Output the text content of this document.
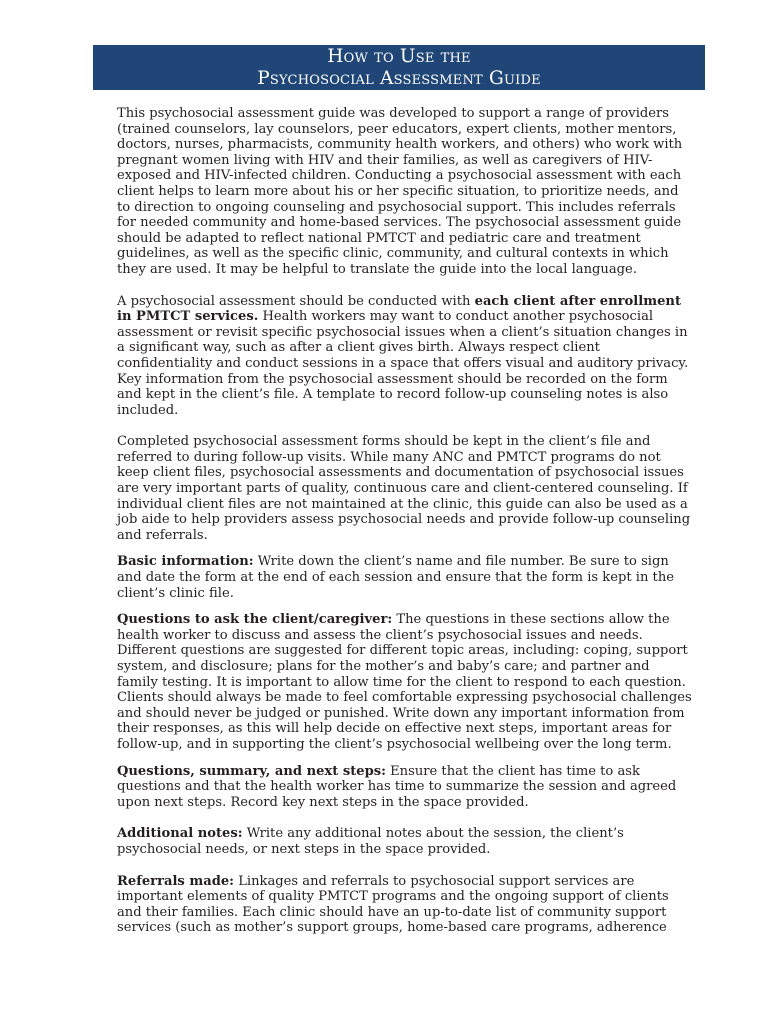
How to Use the
Psychosocial Assessment Guide

This psychosocial assessment guide was developed to support a range of providers (trained counselors, lay counselors, peer educators, expert clients, mother mentors, doctors, nurses, pharmacists, community health workers, and others) who work with pregnant women living with HIV and their families, as well as caregivers of HIV-exposed and HIV-infected children. Conducting a psychosocial assessment with each client helps to learn more about his or her specific situation, to prioritize needs, and to direction to ongoing counseling and psychosocial support. This includes referrals for needed community and home-based services. The psychosocial assessment guide should be adapted to reflect national PMTCT and pediatric care and treatment guidelines, as well as the specific clinic, community, and cultural contexts in which they are used. It may be helpful to translate the guide into the local language.

A psychosocial assessment should be conducted with each client after enrollment in PMTCT services. Health workers may want to conduct another psychosocial assessment or revisit specific psychosocial issues when a client’s situation changes in a significant way, such as after a client gives birth. Always respect client confidentiality and conduct sessions in a space that offers visual and auditory privacy. Key information from the psychosocial assessment should be recorded on the form and kept in the client’s file. A template to record follow-up counseling notes is also included.

Completed psychosocial assessment forms should be kept in the client’s file and referred to during follow-up visits. While many ANC and PMTCT programs do not keep client files, psychosocial assessments and documentation of psychosocial issues are very important parts of quality, continuous care and client-centered counseling. If individual client files are not maintained at the clinic, this guide can also be used as a job aide to help providers assess psychosocial needs and provide follow-up counseling and referrals.

Basic information: Write down the client’s name and file number. Be sure to sign and date the form at the end of each session and ensure that the form is kept in the client’s clinic file.

Questions to ask the client/caregiver: The questions in these sections allow the health worker to discuss and assess the client’s psychosocial issues and needs. Different questions are suggested for different topic areas, including: coping, support system, and disclosure; plans for the mother’s and baby’s care; and partner and family testing. It is important to allow time for the client to respond to each question. Clients should always be made to feel comfortable expressing psychosocial challenges and should never be judged or punished. Write down any important information from their responses, as this will help decide on effective next steps, important areas for follow-up, and in supporting the client’s psychosocial wellbeing over the long term.

Questions, summary, and next steps: Ensure that the client has time to ask questions and that the health worker has time to summarize the session and agreed upon next steps. Record key next steps in the space provided.

Additional notes: Write any additional notes about the session, the client’s psychosocial needs, or next steps in the space provided.

Referrals made: Linkages and referrals to psychosocial support services are important elements of quality PMTCT programs and the ongoing support of clients and their families. Each clinic should have an up-to-date list of community support services (such as mother’s support groups, home-based care programs, adherence
